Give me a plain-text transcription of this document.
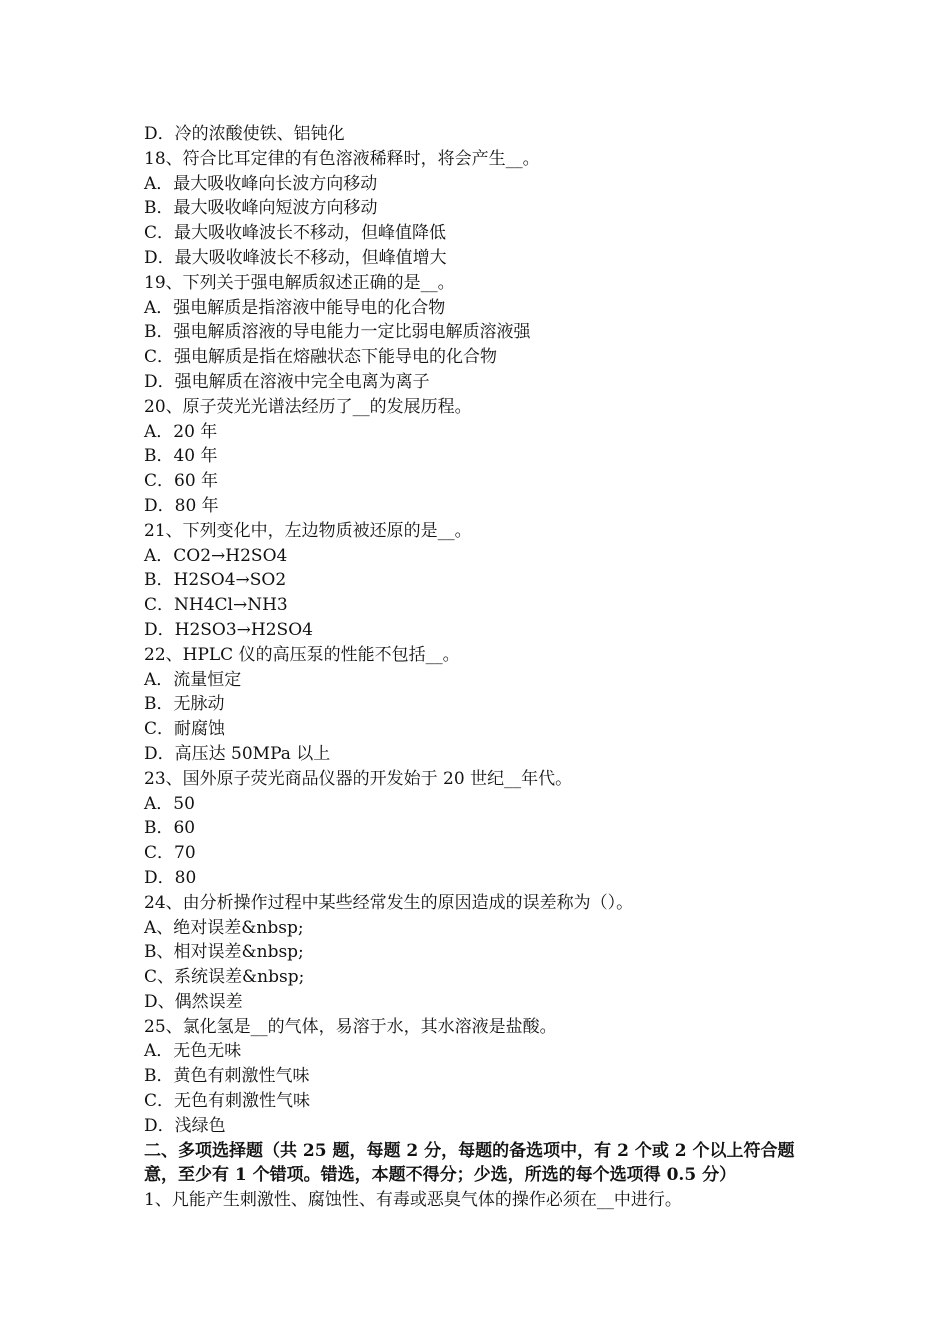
D．冷的浓酸使铁、铝钝化
18、符合比耳定律的有色溶液稀释时，将会产生__。
A．最大吸收峰向长波方向移动
B．最大吸收峰向短波方向移动
C．最大吸收峰波长不移动，但峰值降低
D．最大吸收峰波长不移动，但峰值增大
19、下列关于强电解质叙述正确的是__。
A．强电解质是指溶液中能导电的化合物
B．强电解质溶液的导电能力一定比弱电解质溶液强
C．强电解质是指在熔融状态下能导电的化合物
D．强电解质在溶液中完全电离为离子
20、原子荧光光谱法经历了__的发展历程。
A．20 年
B．40 年
C．60 年
D．80 年
21、下列变化中，左边物质被还原的是__。
A．CO2→H2SO4
B．H2SO4→SO2
C．NH4Cl→NH3
D．H2SO3→H2SO4
22、HPLC 仪的高压泵的性能不包括__。
A．流量恒定
B．无脉动
C．耐腐蚀
D．高压达 50MPa 以上
23、国外原子荧光商品仪器的开发始于 20 世纪__年代。
A．50
B．60
C．70
D．80
24、由分析操作过程中某些经常发生的原因造成的误差称为（）。
A、绝对误差&nbsp;
B、相对误差&nbsp;
C、系统误差&nbsp;
D、偶然误差
25、氯化氢是__的气体，易溶于水，其水溶液是盐酸。
A．无色无味
B．黄色有刺激性气味
C．无色有刺激性气味
D．浅绿色
二、多项选择题（共 25 题，每题 2 分，每题的备选项中，有 2 个或 2 个以上符合题意，至少有 1 个错项。错选，本题不得分；少选，所选的每个选项得 0.5 分）
1、凡能产生刺激性、腐蚀性、有毒或恶臭气体的操作必须在__中进行。
